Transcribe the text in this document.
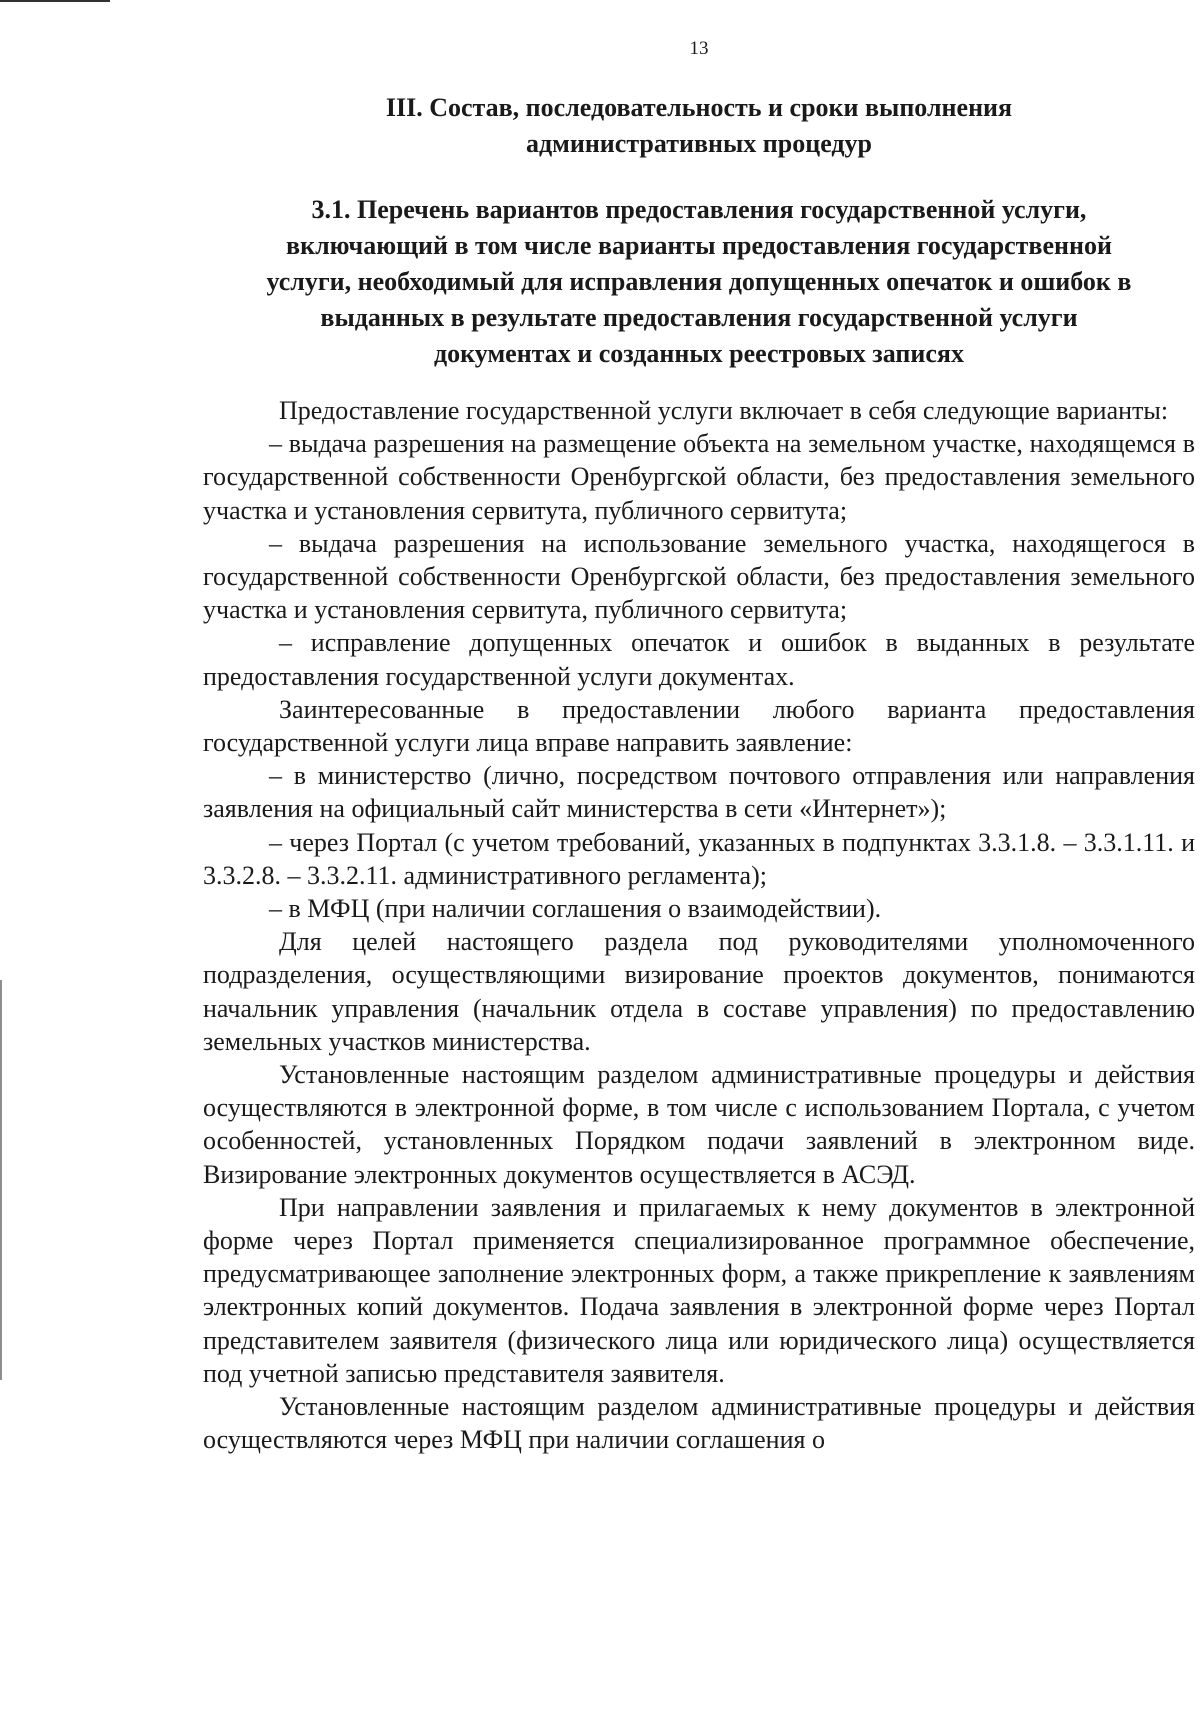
13
III. Состав, последовательность и сроки выполнения
административных процедур
3.1. Перечень вариантов предоставления государственной услуги,
включающий в том числе варианты предоставления государственной
услуги, необходимый для исправления допущенных опечаток и ошибок в
выданных в результате предоставления государственной услуги
документах и созданных реестровых записях

Предоставление государственной услуги включает в себя следующие варианты:

– выдача разрешения на размещение объекта на земельном участке, находящемся в государственной собственности Оренбургской области, без предоставления земельного участка и установления сервитута, публичного сервитута;

– выдача разрешения на использование земельного участка, находящегося в государственной собственности Оренбургской области, без предоставления земельного участка и установления сервитута, публичного сервитута;

– исправление допущенных опечаток и ошибок в выданных в результате предоставления государственной услуги документах.

Заинтересованные в предоставлении любого варианта предоставления государственной услуги лица вправе направить заявление:

– в министерство (лично, посредством почтового отправления или направления заявления на официальный сайт министерства в сети «Интернет»);

– через Портал (с учетом требований, указанных в подпунктах 3.3.1.8. – 3.3.1.11. и 3.3.2.8. – 3.3.2.11. административного регламента);

– в МФЦ (при наличии соглашения о взаимодействии).

Для целей настоящего раздела под руководителями уполномоченного подразделения, осуществляющими визирование проектов документов, понимаются начальник управления (начальник отдела в составе управления) по предоставлению земельных участков министерства.

Установленные настоящим разделом административные процедуры и действия осуществляются в электронной форме, в том числе с использованием Портала, с учетом особенностей, установленных Порядком подачи заявлений в электронном виде. Визирование электронных документов осуществляется в АСЭД.

При направлении заявления и прилагаемых к нему документов в электронной форме через Портал применяется специализированное программное обеспечение, предусматривающее заполнение электронных форм, а также прикрепление к заявлениям электронных копий документов. Подача заявления в электронной форме через Портал представителем заявителя (физического лица или юридического лица) осуществляется под учетной записью представителя заявителя.

Установленные настоящим разделом административные процедуры и действия осуществляются через МФЦ при наличии соглашения о
